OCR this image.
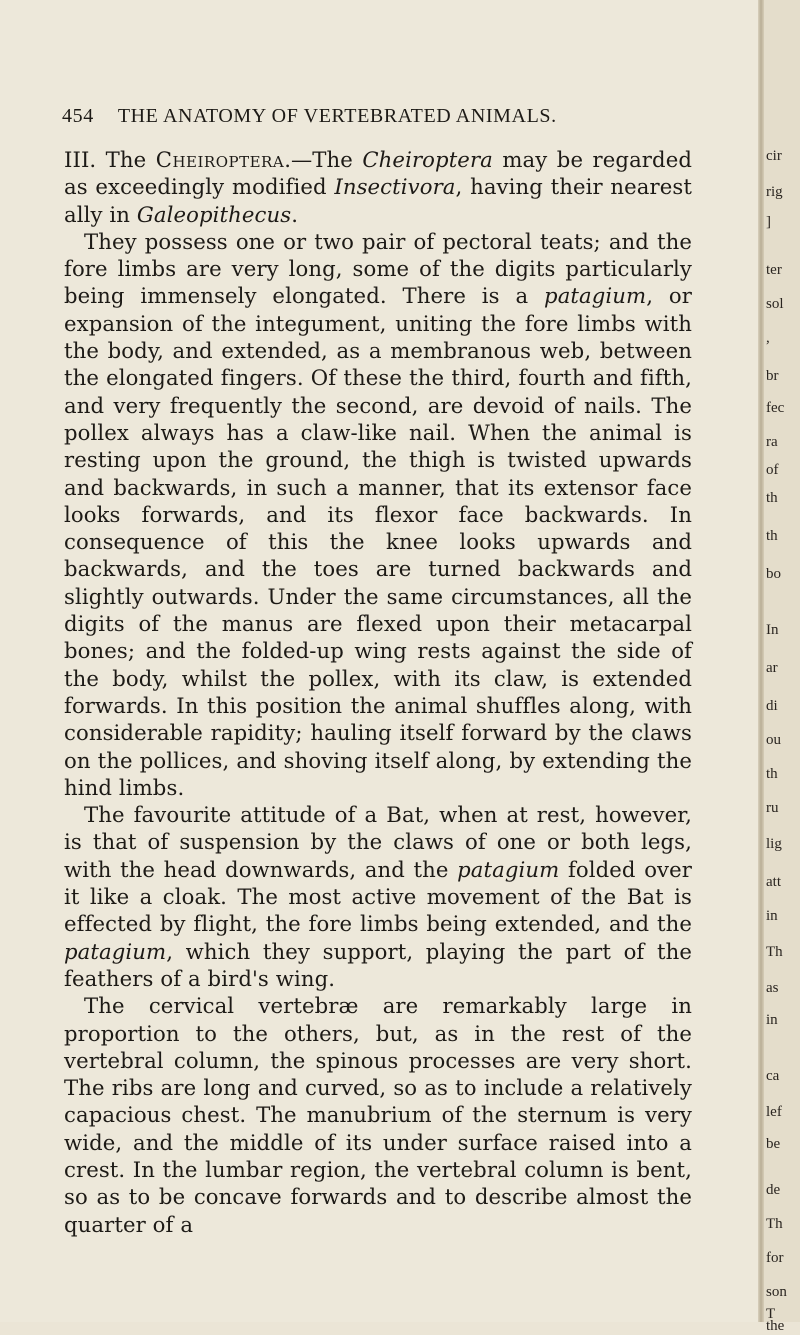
454 THE ANATOMY OF VERTEBRATED ANIMALS.

III. The Cheiroptera.—The Cheiroptera may be regarded as exceedingly modified Insectivora, having their nearest ally in Galeopithecus.

They possess one or two pair of pectoral teats; and the fore limbs are very long, some of the digits particularly being immensely elongated. There is a patagium, or expansion of the integument, uniting the fore limbs with the body, and extended, as a membranous web, between the elongated fingers. Of these the third, fourth and fifth, and very frequently the second, are devoid of nails. The pollex always has a claw-like nail. When the animal is resting upon the ground, the thigh is twisted upwards and backwards, in such a manner, that its extensor face looks forwards, and its flexor face backwards. In consequence of this the knee looks upwards and backwards, and the toes are turned backwards and slightly outwards. Under the same circumstances, all the digits of the manus are flexed upon their metacarpal bones; and the folded-up wing rests against the side of the body, whilst the pollex, with its claw, is extended forwards. In this position the animal shuffles along, with considerable rapidity; hauling itself forward by the claws on the pollices, and shoving itself along, by extending the hind limbs.

The favourite attitude of a Bat, when at rest, however, is that of suspension by the claws of one or both legs, with the head downwards, and the patagium folded over it like a cloak. The most active movement of the Bat is effected by flight, the fore limbs being extended, and the patagium, which they support, playing the part of the feathers of a bird's wing.

The cervical vertebræ are remarkably large in proportion to the others, but, as in the rest of the vertebral column, the spinous processes are very short. The ribs are long and curved, so as to include a relatively capacious chest. The manubrium of the sternum is very wide, and the middle of its under surface raised into a crest. In the lumbar region, the vertebral column is bent, so as to be concave forwards and to describe almost the quarter of a

cir
rig
]
ter
sol
,
br
fec
ra
of
th
th
bo
In
ar
di
ou
th
ru
lig
att
in
Th
as
in
ca
lef
be
de
Th
for
son
T
the
